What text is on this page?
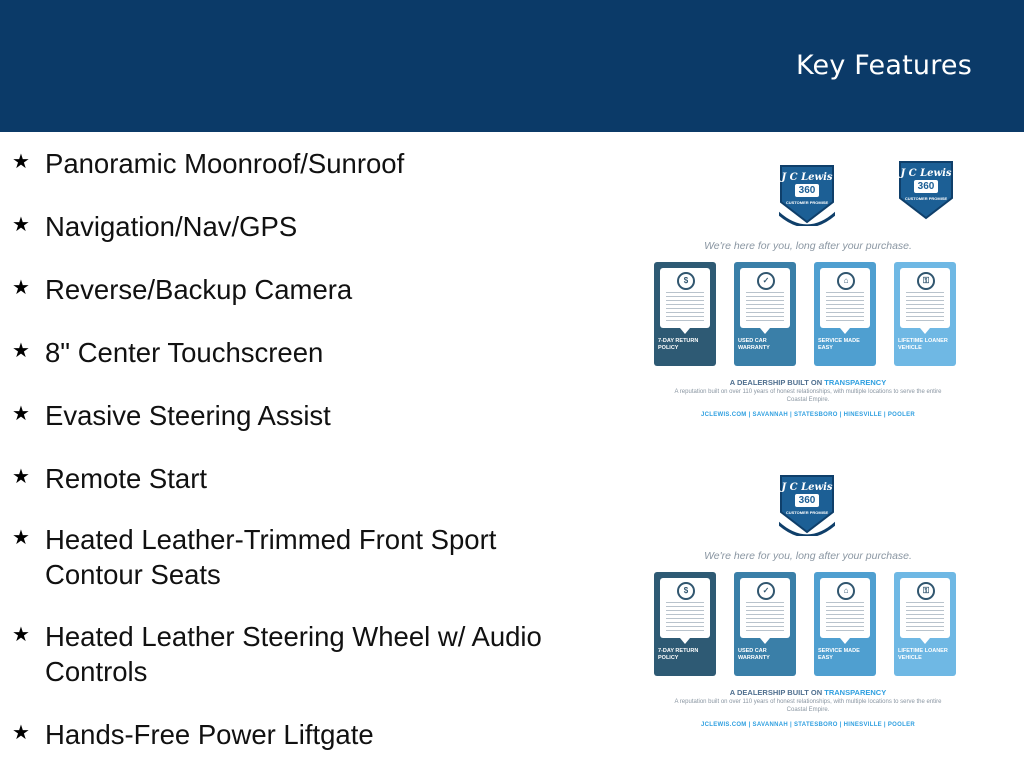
Key Features
★ Panoramic Moonroof/Sunroof
★ Navigation/Nav/GPS
★ Reverse/Backup Camera
★ 8" Center Touchscreen
★ Evasive Steering Assist
★ Remote Start
★ Heated Leather-Trimmed Front Sport Contour Seats
★ Heated Leather Steering Wheel w/ Audio Controls
★ Hands-Free Power Liftgate
J C Lewis
360
CUSTOMER PROMISE
J C Lewis
360
CUSTOMER PROMISE
We're here for you, long after your purchase.
$
7-DAY RETURN POLICY
✓
USED CAR WARRANTY
⌂
SERVICE MADE EASY
⚿
LIFETIME LOANER VEHICLE
A DEALERSHIP BUILT ON TRANSPARENCY
A reputation built on over 110 years of honest relationships, with multiple locations to serve the entire Coastal Empire.
JCLEWIS.COM | SAVANNAH | STATESBORO | HINESVILLE | POOLER
J C Lewis
360
CUSTOMER PROMISE
We're here for you, long after your purchase.
$
7-DAY RETURN POLICY
✓
USED CAR WARRANTY
⌂
SERVICE MADE EASY
⚿
LIFETIME LOANER VEHICLE
A DEALERSHIP BUILT ON TRANSPARENCY
A reputation built on over 110 years of honest relationships, with multiple locations to serve the entire Coastal Empire.
JCLEWIS.COM | SAVANNAH | STATESBORO | HINESVILLE | POOLER
